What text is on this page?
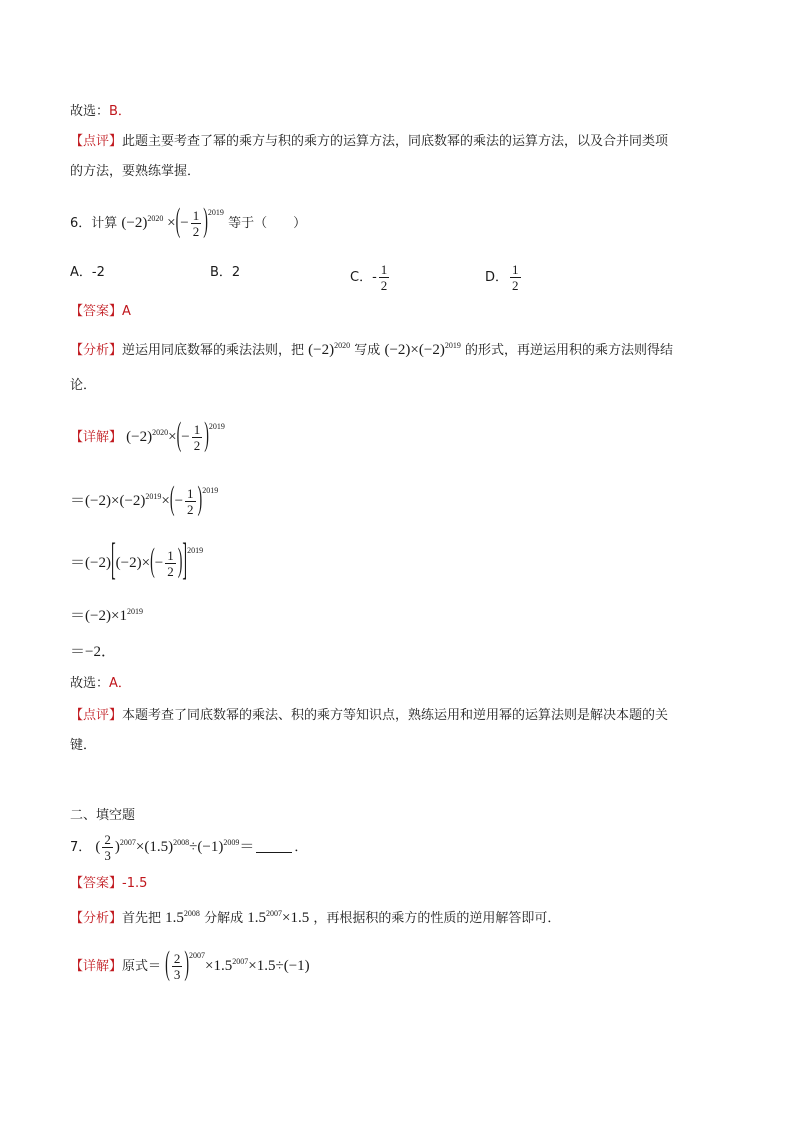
故选：B．
【点评】此题主要考查了幂的乘方与积的乘方的运算方法，同底数幂的乘法的运算方法，以及合并同类项
的方法，要熟练掌握．
6．计算 $(-2)^{2020}$ ×(− $\frac{1}{2} )^{2019}$ 等于（　　）
A．-2	B．2	C．- $\frac{1}{2}$	D． $\frac{1}{2}$
【答案】A
【分析】逆运用同底数幂的乘法法则，把 $(-2)^{2020}$ 写成 $(-2)\times(-2)^{2019}$ 的形式，再逆运用积的乘方法则得结
论．
【详解】 $(-2)^{2020}\times(- \frac{1}{2} )^{2019}$
$=(-2)\times(-2)^{2019}\times(- \frac{1}{2} )^{2019}$
$=(-2)[(-2)\times(- \frac{1}{2} )]^{2019}$
$=(-2)\times 1^{2019}$
＝−2．
故选：A．
【点评】本题考查了同底数幂的乘法、积的乘方等知识点，熟练运用和逆用幂的运算法则是解决本题的关
键．
二、填空题
7． ( $\frac{2}{3} )^{2007}\times(1.5)^{2008}\div(-1)^{2009}=$	．
【答案】-1.5
【分析】首先把 $1.5^{2008}$ 分解成 $1.5^{2007}\times 1.5$ ，再根据积的乘方的性质的逆用解答即可．
【详解】原式＝ ( $\frac{2}{3} )^{2007}\times 1.5^{2007}\times 1.5\div(-1)$
